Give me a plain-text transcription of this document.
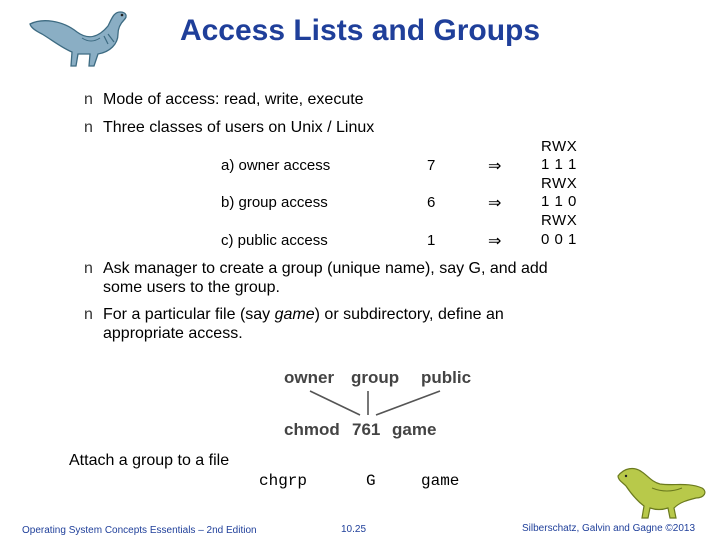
Access Lists and Groups
n Mode of access: read, write, execute
n Three classes of users on Unix / Linux
a) owner access	7	⇒
RWX
1 1 1
b) group access	6	⇒
RWX
1 1 0
c) public access	1	⇒
RWX
0 0 1
n Ask manager to create a group (unique name), say G, and add
some users to the group.
n For a particular file (say game) or subdirectory, define an
appropriate access.
owner group public
chmod 761 game
Attach a group to a file
chgrp	G	game
Operating System Concepts Essentials – 2nd Edition	10.25	Silberschatz, Galvin and Gagne ©2013
